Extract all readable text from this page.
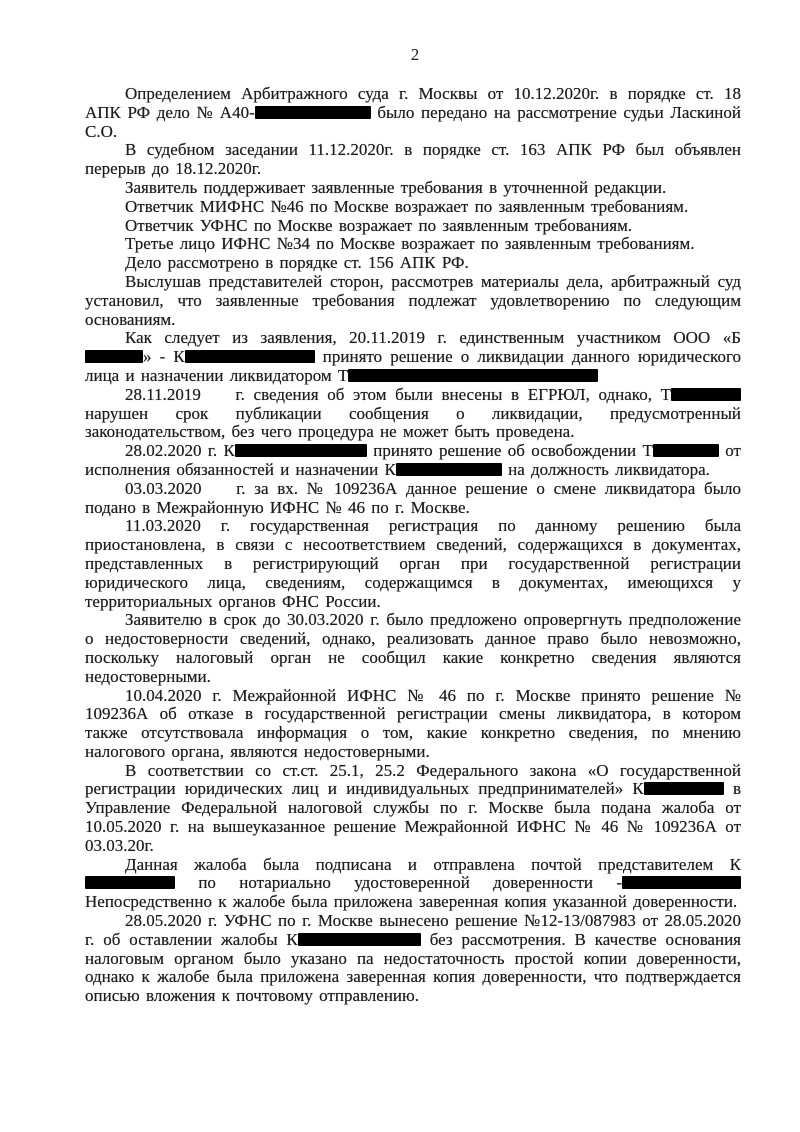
2

Определением Арбитражного суда г. Москвы от 10.12.2020г. в порядке ст. 18 АПК РФ дело № А40-	было передано на рассмотрение судьи Ласкиной С.О.

В судебном заседании 11.12.2020г. в порядке ст. 163 АПК РФ был объявлен перерыв до 18.12.2020г.

Заявитель поддерживает заявленные требования в уточненной редакции.

Ответчик МИФНС №46 по Москве возражает по заявленным требованиям.

Ответчик УФНС по Москве возражает по заявленным требованиям.

Третье лицо ИФНС №34 по Москве возражает по заявленным требованиям.

Дело рассмотрено в порядке ст. 156 АПК РФ.

Выслушав представителей сторон, рассмотрев материалы дела, арбитражный суд установил, что заявленные требования подлежат удовлетворению по следующим основаниям.

Как следует из заявления, 20.11.2019 г. единственным участником ООО «Б» - К	принято решение о ликвидации данного юридического лица и назначении ликвидатором Т

28.11.2019    г. сведения об этом были внесены в ЕГРЮЛ, однако, Т нарушен срок публикации сообщения о ликвидации, предусмотренный законодательством, без чего процедура не может быть проведена.

28.02.2020 г. К	принято решение об освобождении Т	от исполнения обязанностей и назначении К	на должность ликвидатора.

03.03.2020    г. за вх. № 109236А данное решение о смене ликвидатора было подано в Межрайонную ИФНС № 46 по г. Москве.

11.03.2020 г. государственная регистрация по данному решению была приостановлена, в связи с несоответствием сведений, содержащихся в документах, представленных в регистрирующий орган при государственной регистрации юридического лица, сведениям, содержащимся в документах, имеющихся у территориальных органов ФНС России.

Заявителю в срок до 30.03.2020 г. было предложено опровергнуть предположение о недостоверности сведений, однако, реализовать данное право было невозможно, поскольку налоговый орган не сообщил какие конкретно сведения являются недостоверными.

10.04.2020 г. Межрайонной ИФНС № 46 по г. Москве принято решение № 109236А об отказе в государственной регистрации смены ликвидатора, в котором также отсутствовала информация о том, какие конкретно сведения, по мнению налогового органа, являются недостоверными.

В соответствии со ст.ст. 25.1, 25.2 Федерального закона «О государственной регистрации юридических лиц и индивидуальных предпринимателей» К	в Управление Федеральной налоговой службы по г. Москве была подана жалоба от 10.05.2020 г. на вышеуказанное решение Межрайонной ИФНС № 46 № 109236А от 03.03.20г.

Данная жалоба была подписана и отправлена почтой представителем К по нотариально удостоверенной доверенности - Непосредственно к жалобе была приложена заверенная копия указанной доверенности.

28.05.2020 г. УФНС по г. Москве вынесено решение №12-13/087983 от 28.05.2020 г. об оставлении жалобы К	без рассмотрения. В качестве основания налоговым органом было указано па недостаточность простой копии доверенности, однако к жалобе была приложена заверенная копия доверенности, что подтверждается описью вложения к почтовому отправлению.
